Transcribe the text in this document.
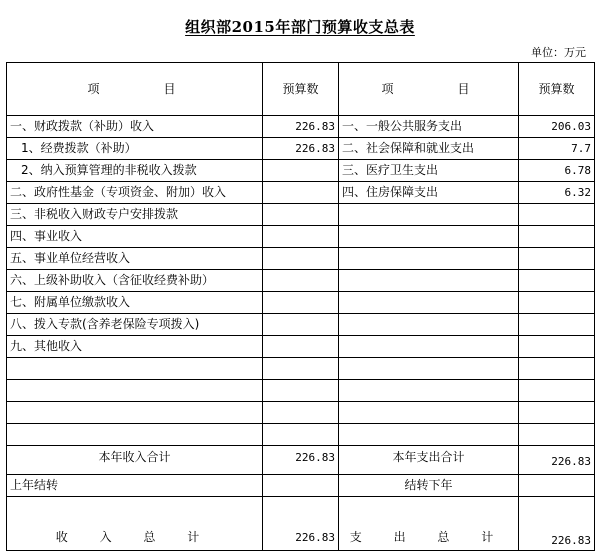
组织部2015年部门预算收支总表
单位：万元
项　目	预算数	项　目	预算数
一、财政拨款（补助）收入	226.83	一、一般公共服务支出	206.03
1、经费拨款（补助）	226.83	二、社会保障和就业支出	7.7
2、纳入预算管理的非税收入拨款		三、医疗卫生支出	6.78
二、政府性基金（专项资金、附加）收入		四、住房保障支出	6.32
三、非税收入财政专户安排拨款			
四、事业收入			
五、事业单位经营收入			
六、上级补助收入（含征收经费补助）			
七、附属单位缴款收入			
八、拨入专款(含养老保险专项拨入)			
九、其他收入			

本年收入合计	226.83	本年支出合计	226.83
上年结转		结转下年	
收 入 总 计	226.83	支 出 总 计	226.83
